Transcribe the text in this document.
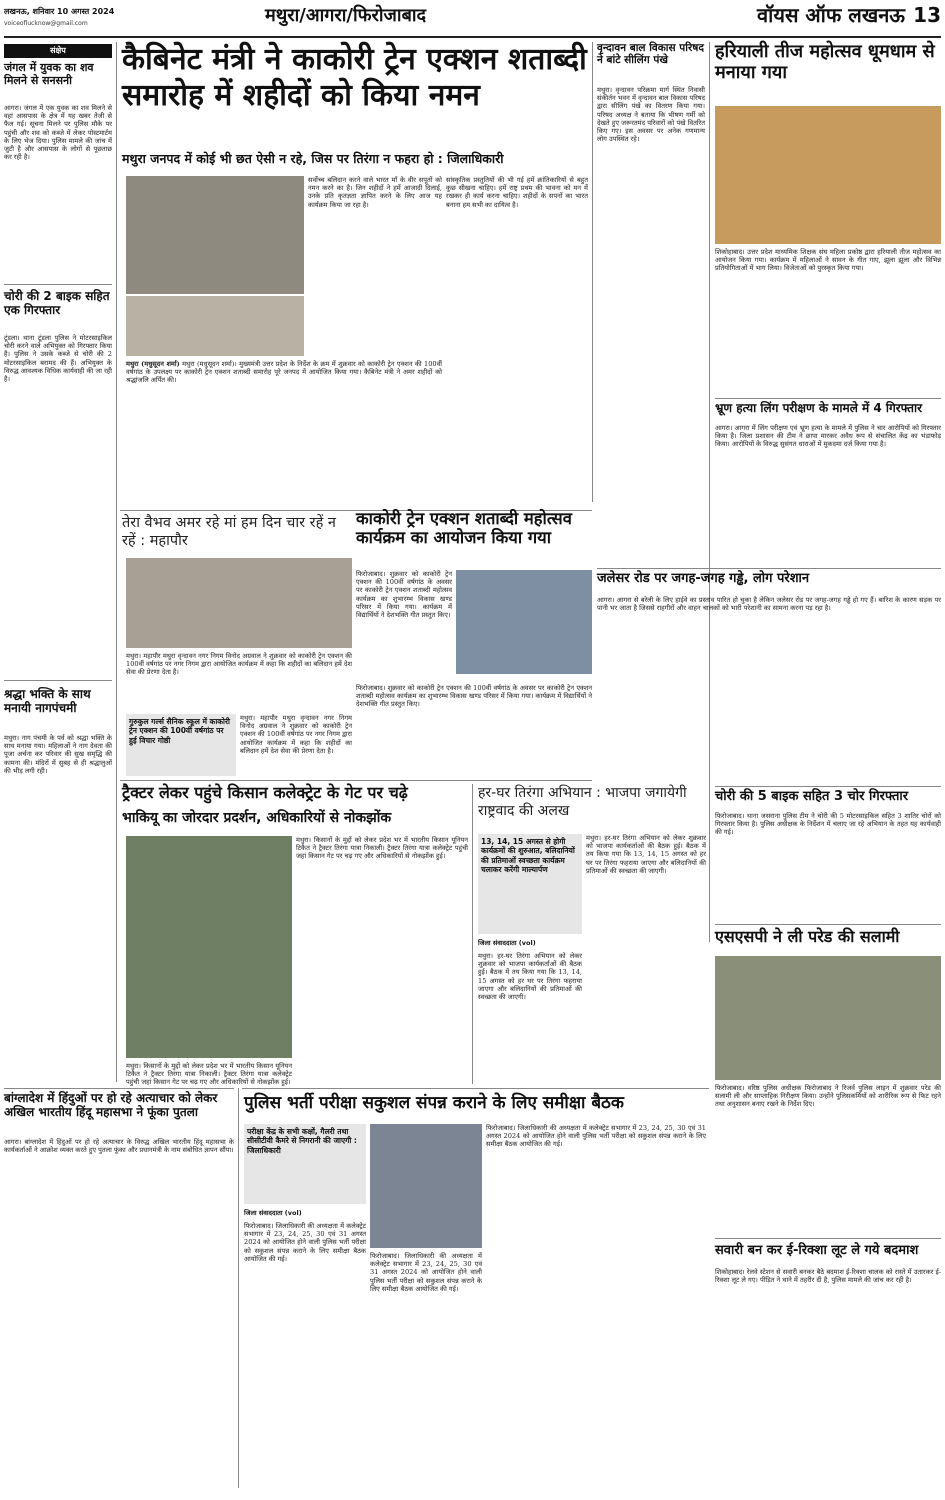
लखनऊ, शनिवार 10 अगस्त 2024
voiceoflucknow@gmail.com	मथुरा/आगरा/फिरोजाबाद	वॉयस ऑफ लखनऊ 13
संक्षेप
जंगल में युवक का शव मिलने से सनसनी
आगरा। जंगल में एक युवक का शव मिलने से वहां आसपास के क्षेत्र में यह खबर तेजी से फैल गई। सूचना मिलने पर पुलिस मौके पर पहुंची और शव को कब्जे में लेकर पोस्टमार्टम के लिए भेज दिया। पुलिस मामले की जांच में जुटी है और आसपास के लोगों से पूछताछ कर रही है।
चोरी की 2 बाइक सहित एक गिरफ्तार
टूंडला। थाना टूंडला पुलिस ने मोटरसाइकिल चोरी करने वाले अभियुक्त को गिरफ्तार किया है। पुलिस ने उसके कब्जे से चोरी की 2 मोटरसाइकिल बरामद की हैं। अभियुक्त के विरुद्ध आवश्यक विधिक कार्यवाही की जा रही है।
श्रद्धा भक्ति के साथ मनायी नागपंचमी
मथुरा। नाग पंचमी के पर्व को श्रद्धा भक्ति के साथ मनाया गया। महिलाओं ने नाग देवता की पूजा अर्चना कर परिवार की सुख समृद्धि की कामना की। मंदिरों में सुबह से ही श्रद्धालुओं की भीड़ लगी रही।
कैबिनेट मंत्री ने काकोरी ट्रेन एक्शन शताब्दी समारोह में शहीदों को किया नमन
मथुरा जनपद में कोई भी छत ऐसी न रहे, जिस पर तिरंगा न फहरा हो : जिलाधिकारी
सर्वोच्च बलिदान करने वाले भारत माँ के वीर सपूतों को नमन करने का है। जिन शहीदों ने हमें आजादी दिलाई, उनके प्रति कृतज्ञता ज्ञापित करने के लिए आज यह कार्यक्रम किया जा रहा है।
सांस्कृतिक प्रस्तुतियों की भी गई हमें क्रांतिकारियों से बहुत कुछ सीखना चाहिए। हमें राष्ट्र प्रथम की भावना को मन में रखकर ही कार्य करना चाहिए। शहीदों के सपनों का भारत बनाना हम सभी का दायित्व है।
मथुरा (मधुसूदन शर्मा) मथुरा (मधुसूदन शर्मा)। मुख्यमंत्री उत्तर प्रदेश के निर्देश के क्रम में शुक्रवार को काकोरी ट्रेन एक्शन की 100वीं वर्षगांठ के उपलक्ष्य पर काकोरी ट्रेन एक्शन शताब्दी समारोह पूरे जनपद में आयोजित किया गया। कैबिनेट मंत्री ने अमर शहीदों को श्रद्धांजलि अर्पित की।
वृन्दावन बाल विकास परिषद ने बांटे सीलिंग पंखे
मथुरा। वृन्दावन परिक्रमा मार्ग स्थित निवासी संकीर्तन भवन में वृन्दावन बाल विकास परिषद द्वारा सीलिंग पंखे का वितरण किया गया। परिषद अध्यक्ष ने बताया कि भीषण गर्मी को देखते हुए जरूरतमंद परिवारों को पंखे वितरित किए गए। इस अवसर पर अनेक गणमान्य लोग उपस्थित रहे।
हरियाली तीज महोत्सव धूमधाम से मनाया गया
शिकोहाबाद। उत्तर प्रदेश माध्यमिक शिक्षक संघ महिला प्रकोष्ठ द्वारा हरियाली तीज महोत्सव का आयोजन किया गया। कार्यक्रम में महिलाओं ने सावन के गीत गाए, झूला झूला और विभिन्न प्रतियोगिताओं में भाग लिया। विजेताओं को पुरस्कृत किया गया।
भ्रूण हत्या लिंग परीक्षण के मामले में 4 गिरफ्तार
आगरा। आगरा में लिंग परीक्षण एवं भ्रूण हत्या के मामले में पुलिस ने चार आरोपियों को गिरफ्तार किया है। जिला प्रशासन की टीम ने छापा मारकर अवैध रूप से संचालित केंद्र का भंडाफोड़ किया। आरोपियों के विरुद्ध सुसंगत धाराओं में मुकदमा दर्ज किया गया है।
जलेसर रोड पर जगह-जगह गड्ढे, लोग परेशान
आगरा। आगरा से बरेली के लिए हाईवे का प्रस्ताव पारित हो चुका है लेकिन जलेसर रोड पर जगह-जगह गड्ढे हो गए हैं। बारिश के कारण सड़क पर पानी भर जाता है जिससे राहगीरों और वाहन चालकों को भारी परेशानी का सामना करना पड़ रहा है।
चोरी की 5 बाइक सहित 3 चोर गिरफ्तार
फिरोजाबाद। थाना जसराना पुलिस टीम ने चोरी की 5 मोटरसाइकिल सहित 3 शातिर चोरों को गिरफ्तार किया है। पुलिस अधीक्षक के निर्देशन में चलाए जा रहे अभियान के तहत यह कार्यवाही की गई।
एसएसपी ने ली परेड की सलामी
फिरोजाबाद। वरिष्ठ पुलिस अधीक्षक फिरोजाबाद ने रिजर्व पुलिस लाइन में शुक्रवार परेड की सलामी ली और साप्ताहिक निरीक्षण किया। उन्होंने पुलिसकर्मियों को शारीरिक रूप से फिट रहने तथा अनुशासन बनाए रखने के निर्देश दिए।
सवारी बन कर ई-रिक्शा लूट ले गये बदमाश
शिकोहाबाद। रेलवे स्टेशन से सवारी बनकर बैठे बदमाश ई-रिक्शा चालक को रास्ते में उतारकर ई-रिक्शा लूट ले गए। पीड़ित ने थाने में तहरीर दी है, पुलिस मामले की जांच कर रही है।
तेरा वैभव अमर रहे मां हम दिन चार रहें न रहें : महापौर
मथुरा। महापौर मथुरा वृन्दावन नगर निगम विनोद अग्रवाल ने शुक्रवार को काकोरी ट्रेन एक्शन की 100वीं वर्षगांठ पर नगर निगम द्वारा आयोजित कार्यक्रम में कहा कि शहीदों का बलिदान हमें देश सेवा की प्रेरणा देता है।
गुरुकुल गर्ल्स सैनिक स्कूल में काकोरी ट्रेन एक्शन की 100वीं वर्षगांठ पर हुई विचार गोष्ठी
मथुरा। महापौर मथुरा वृन्दावन नगर निगम विनोद अग्रवाल ने शुक्रवार को काकोरी ट्रेन एक्शन की 100वीं वर्षगांठ पर नगर निगम द्वारा आयोजित कार्यक्रम में कहा कि शहीदों का बलिदान हमें देश सेवा की प्रेरणा देता है।
काकोरी ट्रेन एक्शन शताब्दी महोत्सव कार्यक्रम का आयोजन किया गया
फिरोजाबाद। शुक्रवार को काकोरी ट्रेन एक्शन की 100वीं वर्षगांठ के अवसर पर काकोरी ट्रेन एक्शन शताब्दी महोत्सव कार्यक्रम का शुभारम्भ विकास खण्ड परिसर में किया गया। कार्यक्रम में विद्यार्थियों ने देशभक्ति गीत प्रस्तुत किए।
फिरोजाबाद। शुक्रवार को काकोरी ट्रेन एक्शन की 100वीं वर्षगांठ के अवसर पर काकोरी ट्रेन एक्शन शताब्दी महोत्सव कार्यक्रम का शुभारम्भ विकास खण्ड परिसर में किया गया। कार्यक्रम में विद्यार्थियों ने देशभक्ति गीत प्रस्तुत किए।
ट्रैक्टर लेकर पहुंचे किसान कलेक्ट्रेट के गेट पर चढ़े
भाकियू का जोरदार प्रदर्शन, अधिकारियों से नोकझोंक
मथुरा। किसानों के मुद्दों को लेकर प्रदेश भर में भारतीय किसान यूनियन टिकैत ने ट्रैक्टर तिरंगा यात्रा निकाली। ट्रैक्टर तिरंगा यात्रा कलेक्ट्रेट पहुंची जहां किसान गेट पर चढ़ गए और अधिकारियों से नोकझोंक हुई।
मथुरा। किसानों के मुद्दों को लेकर प्रदेश भर में भारतीय किसान यूनियन टिकैत ने ट्रैक्टर तिरंगा यात्रा निकाली। ट्रैक्टर तिरंगा यात्रा कलेक्ट्रेट पहुंची जहां किसान गेट पर चढ़ गए और अधिकारियों से नोकझोंक हुई।
हर-घर तिरंगा अभियान : भाजपा जगायेगी राष्ट्रवाद की अलख
13, 14, 15 अगस्त से होगी कार्यक्रमों की शुरुआत, बलिदानियों की प्रतिमाओं स्वच्छता कार्यक्रम चलाकर करेंगी माल्यार्पण
जिला संवाददाता (vol)
मथुरा। हर-घर तिरंगा अभियान को लेकर शुक्रवार को भाजपा कार्यकर्ताओं की बैठक हुई। बैठक में तय किया गया कि 13, 14, 15 अगस्त को हर घर पर तिरंगा फहराया जाएगा और बलिदानियों की प्रतिमाओं की स्वच्छता की जाएगी।
मथुरा। हर-घर तिरंगा अभियान को लेकर शुक्रवार को भाजपा कार्यकर्ताओं की बैठक हुई। बैठक में तय किया गया कि 13, 14, 15 अगस्त को हर घर पर तिरंगा फहराया जाएगा और बलिदानियों की प्रतिमाओं की स्वच्छता की जाएगी।
बांग्लादेश में हिंदुओं पर हो रहे अत्याचार को लेकर अखिल भारतीय हिंदू महासभा ने फूंका पुतला
आगरा। बांग्लादेश में हिंदुओं पर हो रहे अत्याचार के विरुद्ध अखिल भारतीय हिंदू महासभा के कार्यकर्ताओं ने आक्रोश व्यक्त करते हुए पुतला फूंका और प्रधानमंत्री के नाम संबोधित ज्ञापन सौंपा।
पुलिस भर्ती परीक्षा सकुशल संपन्न कराने के लिए समीक्षा बैठक
परीक्षा केंद्र के सभी कक्षों, गैलरी तथा सीसीटीवी कैमरे से निगरानी की जाएगी : जिलाधिकारी
जिला संवाददाता (vol)
फिरोजाबाद। जिलाधिकारी की अध्यक्षता में कलेक्ट्रेट सभागार में 23, 24, 25, 30 एवं 31 अगस्त 2024 को आयोजित होने वाली पुलिस भर्ती परीक्षा को सकुशल संपन्न कराने के लिए समीक्षा बैठक आयोजित की गई।	फिरोजाबाद। जिलाधिकारी की अध्यक्षता में कलेक्ट्रेट सभागार में 23, 24, 25, 30 एवं 31 अगस्त 2024 को आयोजित होने वाली पुलिस भर्ती परीक्षा को सकुशल संपन्न कराने के लिए समीक्षा बैठक आयोजित की गई।
फिरोजाबाद। जिलाधिकारी की अध्यक्षता में कलेक्ट्रेट सभागार में 23, 24, 25, 30 एवं 31 अगस्त 2024 को आयोजित होने वाली पुलिस भर्ती परीक्षा को सकुशल संपन्न कराने के लिए समीक्षा बैठक आयोजित की गई।
